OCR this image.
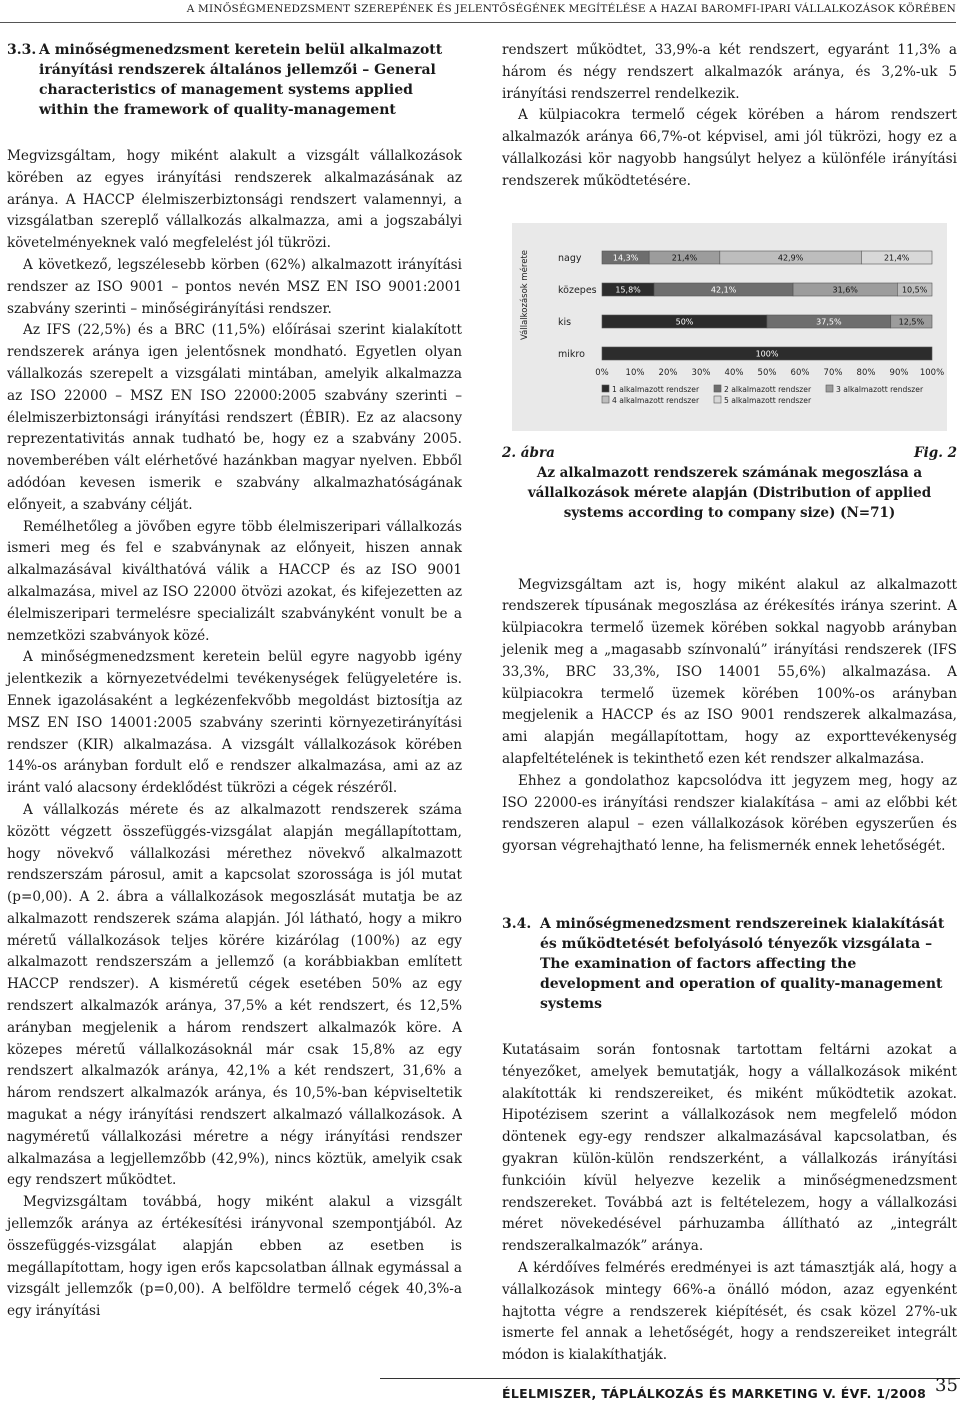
A MINŐSÉGMENEDZSMENT SZEREPÉNEK ÉS JELENTŐSÉGÉNEK MEGÍTÉLÉSE A HAZAI BAROMFI-IPARI VÁLLALKOZÁSOK KÖRÉBEN
3.3. A minőségmenedzsment keretein belül alkalmazott irányítási rendszerek általános jellemzői – General characteristics of management systems applied within the framework of quality-management

Megvizsgáltam, hogy miként alakult a vizsgált vállalkozások körében az egyes irányítási rendszerek alkalmazásának az aránya. A HACCP élelmiszerbiztonsági rendszert valamennyi, a vizsgálatban szereplő vállalkozás alkalmazza, ami a jogszabályi követelményeknek való megfelelést jól tükrözi.

A következő, legszélesebb körben (62%) alkalmazott irányítási rendszer az ISO 9001 – pontos nevén MSZ EN ISO 9001:2001 szabvány szerinti – minőségirányítási rendszer.

Az IFS (22,5%) és a BRC (11,5%) előírásai szerint kialakított rendszerek aránya igen jelentősnek mondható. Egyetlen olyan vállalkozás szerepelt a vizsgálati mintában, amelyik alkalmazza az ISO 22000 – MSZ EN ISO 22000:2005 szabvány szerinti – élelmiszerbiztonsági irányítási rendszert (ÉBIR). Ez az alacsony reprezentativitás annak tudható be, hogy ez a szabvány 2005. novemberében vált elérhetővé hazánkban magyar nyelven. Ebből adódóan kevesen ismerik e szabvány alkalmazhatóságának előnyeit, a szabvány célját.

Remélhetőleg a jövőben egyre több élelmiszeripari vállalkozás ismeri meg és fel e szabványnak az előnyeit, hiszen annak alkalmazásával kiválthatóvá válik a HACCP és az ISO 9001 alkalmazása, mivel az ISO 22000 ötvözi azokat, és kifejezetten az élelmiszeripari termelésre specializált szabványként vonult be a nemzetközi szabványok közé.

A minőségmenedzsment keretein belül egyre nagyobb igény jelentkezik a környezetvédelmi tevékenységek felügyeletére is. Ennek igazolásaként a legkézenfekvőbb megoldást biztosítja az MSZ EN ISO 14001:2005 szabvány szerinti környezetirányítási rendszer (KIR) alkalmazása. A vizsgált vállalkozások körében 14%-os arányban fordult elő e rendszer alkalmazása, ami az az iránt való alacsony érdeklődést tükrözi a cégek részéről.

A vállalkozás mérete és az alkalmazott rendszerek száma között végzett összefüggés-vizsgálat alapján megállapítottam, hogy növekvő vállalkozási mérethez növekvő alkalmazott rendszerszám párosul, amit a kapcsolat szorossága is jól mutat (p=0,00). A 2. ábra a vállalkozások megoszlását mutatja be az alkalmazott rendszerek száma alapján. Jól látható, hogy a mikro méretű vállalkozások teljes körére kizárólag (100%) az egy alkalmazott rendszerszám a jellemző (a korábbiakban említett HACCP rendszer). A kisméretű cégek esetében 50% az egy rendszert alkalmazók aránya, 37,5% a két rendszert, és 12,5% arányban megjelenik a három rendszert alkalmazók köre. A közepes méretű vállalkozásoknál már csak 15,8% az egy rendszert alkalmazók aránya, 42,1% a két rendszert, 31,6% a három rendszert alkalmazók aránya, és 10,5%-ban képviseltetik magukat a négy irányítási rendszert alkalmazó vállalkozások. A nagyméretű vállalkozási méretre a négy irányítási rendszer alkalmazása a legjellemzőbb (42,9%), nincs köztük, amelyik csak egy rendszert működtet.

Megvizsgáltam továbbá, hogy miként alakul a vizsgált jellemzők aránya az értékesítési irányvonal szempontjából. Az összefüggés-vizsgálat alapján ebben az esetben is megállapítottam, hogy igen erős kapcsolatban állnak egymással a vizsgált jellemzők (p=0,00). A belföldre termelő cégek 40,3%-a egy irányítási

rendszert működtet, 33,9%-a két rendszert, egyaránt 11,3% a három és négy rendszert alkalmazók aránya, és 3,2%-uk 5 irányítási rendszerrel rendelkezik.

A külpiacokra termelő cégek körében a három rendszert alkalmazók aránya 66,7%-ot képvisel, ami jól tükrözi, hogy ez a vállalkozási kör nagyobb hangsúlyt helyez a különféle irányítási rendszerek működtetésére.

Vállalkozások mérete	nagy	14,3%	21,4%	42,9%	21,4%
közepes 15,8%	42,1%	31,6%	10,5%
kis	50%	37,5%	12,5%
mikro	100%
0% 10% 20% 30% 40% 50% 60% 70% 80% 90% 100%
1 alkalmazott rendszer	2 alkalmazott rendszer	3 alkalmazott rendszer
4 alkalmazott rendszer	5 alkalmazott rendszer
2. ábra	Fig. 2
Az alkalmazott rendszerek számának megoszlása a vállalkozások mérete alapján (Distribution of applied systems according to company size) (N=71)

Megvizsgáltam azt is, hogy miként alakul az alkalmazott rendszerek típusának megoszlása az érékesítés iránya szerint. A külpiacokra termelő üzemek körében sokkal nagyobb arányban jelenik meg a „magasabb színvonalú” irányítási rendszerek (IFS 33,3%, BRC 33,3%, ISO 14001 55,6%) alkalmazása. A külpiacokra termelő üzemek körében 100%-os arányban megjelenik a HACCP és az ISO 9001 rendszerek alkalmazása, ami alapján megállapítottam, hogy az exporttevékenység alapfeltételének is tekinthető ezen két rendszer alkalmazása.

Ehhez a gondolathoz kapcsolódva itt jegyzem meg, hogy az ISO 22000-es irányítási rendszer kialakítása – ami az előbbi két rendszeren alapul – ezen vállalkozások körében egyszerűen és gyorsan végrehajtható lenne, ha felismernék ennek lehetőségét.

3.4. A minőségmenedzsment rendszereinek kialakítását és működtetését befolyásoló tényezők vizsgálata – The examination of factors affecting the development and operation of quality-management systems

Kutatásaim során fontosnak tartottam feltárni azokat a tényezőket, amelyek bemutatják, hogy a vállalkozások miként alakították ki rendszereiket, és miként működtetik azokat. Hipotézisem szerint a vállalkozások nem megfelelő módon döntenek egy-egy rendszer alkalmazásával kapcsolatban, és gyakran külön-külön rendszerként, a vállalkozás irányítási funkcióin kívül helyezve kezelik a minőségmenedzsment rendszereket. Továbbá azt is feltételezem, hogy a vállalkozási méret növekedésével párhuzamba állítható az „integrált rendszeralkalmazók” aránya.

A kérdőíves felmérés eredményei is azt támasztják alá, hogy a vállalkozások mintegy 66%-a önálló módon, azaz egyenként hajtotta végre a rendszerek kiépítését, és csak közel 27%-uk ismerte fel annak a lehetőségét, hogy a rendszereiket integrált módon is kialakíthatják.

ÉLELMISZER, TÁPLÁLKOZÁS ÉS MARKETING V. ÉVF. 1/2008 35
